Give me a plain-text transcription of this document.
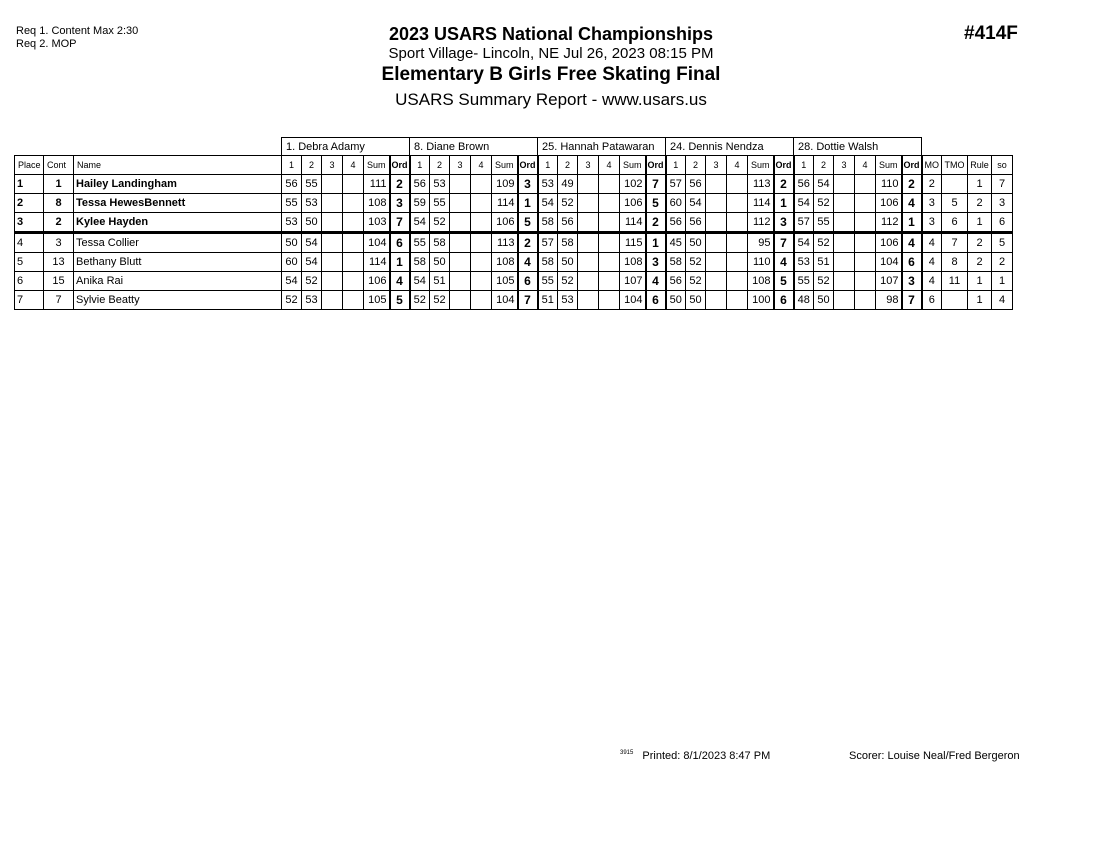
Req 1. Content Max 2:30
Req 2. MOP	#414F
2023 USARS National Championships
Sport Village- Lincoln, NE Jul 26, 2023 08:15 PM
Elementary B Girls Free Skating Final
USARS Summary Report - www.usars.us
			1. Debra Adamy						8. Diane Brown						25. Hannah Patawaran						24. Dennis Nendza						28. Dottie Walsh									
Place	Cont	Name	1	2	3	4	Sum	Ord	1	2	3	4	Sum	Ord	1	2	3	4	Sum	Ord	1	2	3	4	Sum	Ord	1	2	3	4	Sum	Ord	MO	TMO	Rule	so
1	1	Hailey Landingham	56	55			111	2	56	53			109	3	53	49			102	7	57	56			113	2	56	54			110	2	2		1	7
2	8	Tessa HewesBennett	55	53			108	3	59	55			114	1	54	52			106	5	60	54			114	1	54	52			106	4	3	5	2	3
3	2	Kylee Hayden	53	50			103	7	54	52			106	5	58	56			114	2	56	56			112	3	57	55			112	1	3	6	1	6
4	3	Tessa Collier	50	54			104	6	55	58			113	2	57	58			115	1	45	50			95	7	54	52			106	4	4	7	2	5
5	13	Bethany Blutt	60	54			114	1	58	50			108	4	58	50			108	3	58	52			110	4	53	51			104	6	4	8	2	2
6	15	Anika Rai	54	52			106	4	54	51			105	6	55	52			107	4	56	52			108	5	55	52			107	3	4	11	1	1
7	7	Sylvie Beatty	52	53			105	5	52	52			104	7	51	53			104	6	50	50			100	6	48	50			98	7	6		1	4
$^{3915}$ Printed: 8/1/2023 8:47 PM	Scorer: Louise Neal/Fred Bergeron
